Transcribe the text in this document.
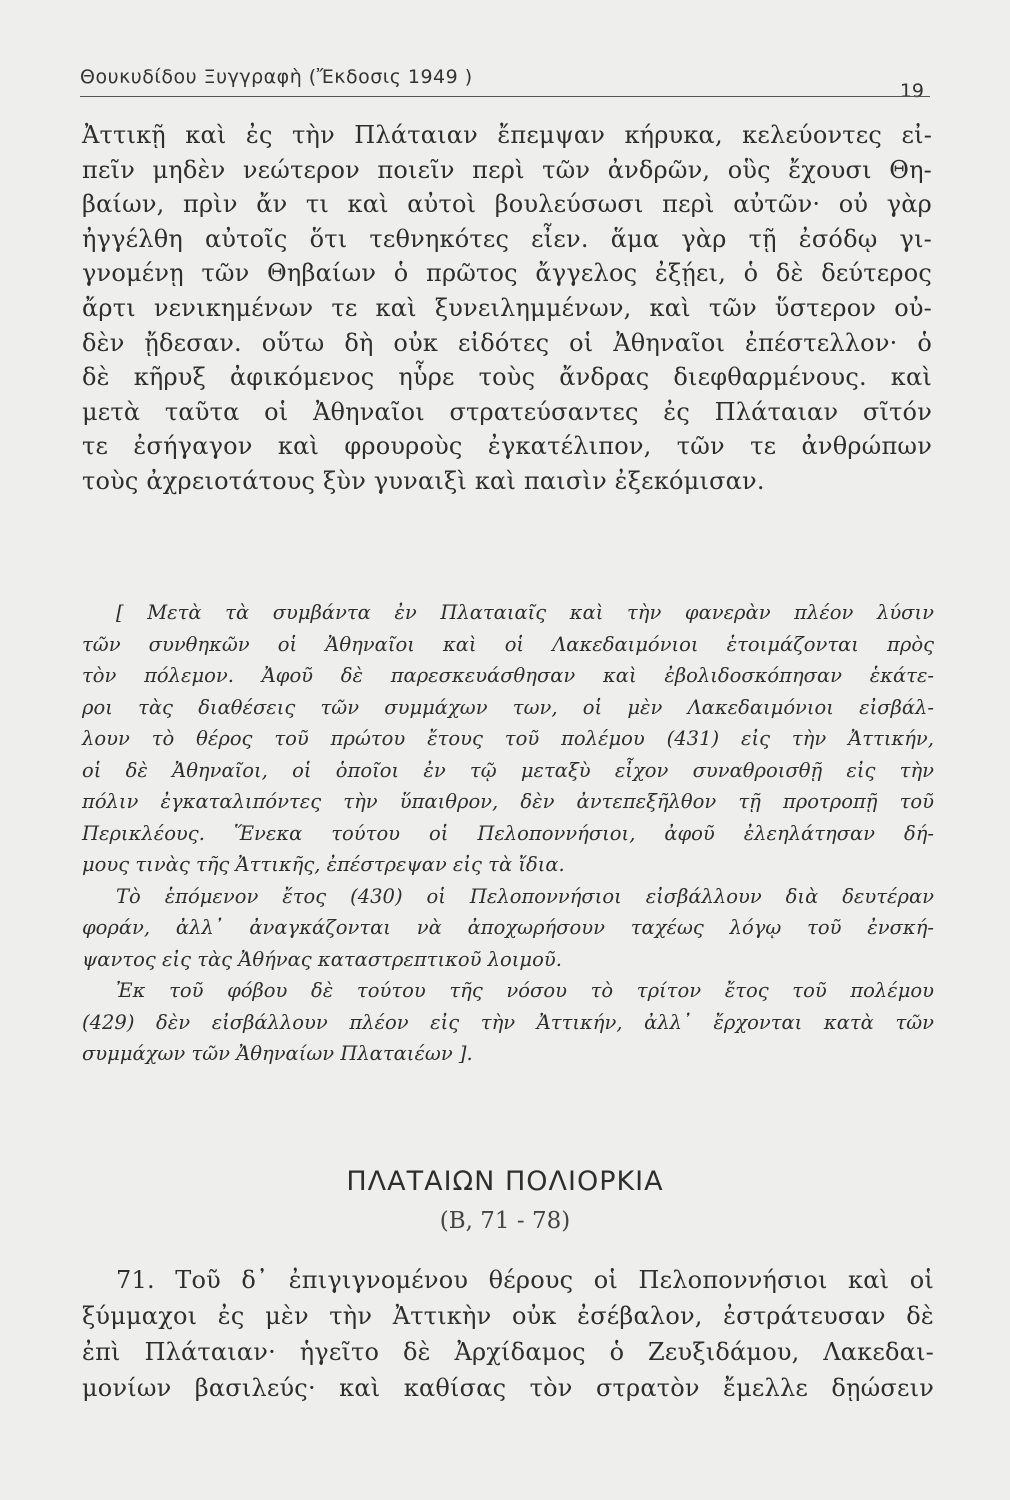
Θουκυδίδου Ξυγγραφὴ (Ἔκδοσις 1949 )
19
Ἀττικῇ καὶ ἐς τὴν Πλάταιαν ἔπεμψαν κήρυκα, κελεύοντες εἰ-
πεῖν μηδὲν νεώτερον ποιεῖν περὶ τῶν ἀνδρῶν, οὓς ἔχουσι Θη-
βαίων, πρὶν ἄν τι καὶ αὐτοὶ βουλεύσωσι περὶ αὐτῶν· οὐ γὰρ
ἠγγέλθη αὐτοῖς ὅτι τεθνηκότες εἶεν. ἅμα γὰρ τῇ ἐσόδῳ γι-
γνομένῃ τῶν Θηβαίων ὁ πρῶτος ἄγγελος ἐξῄει, ὁ δὲ δεύτερος
ἄρτι νενικημένων τε καὶ ξυνειλημμένων, καὶ τῶν ὕστερον οὐ-
δὲν ᾔδεσαν. οὕτω δὴ οὐκ εἰδότες οἱ Ἀθηναῖοι ἐπέστελλον· ὁ
δὲ κῆρυξ ἀφικόμενος ηὗρε τοὺς ἄνδρας διεφθαρμένους. καὶ
μετὰ ταῦτα οἱ Ἀθηναῖοι στρατεύσαντες ἐς Πλάταιαν σῖτόν
τε ἐσήγαγον καὶ φρουροὺς ἐγκατέλιπον, τῶν τε ἀνθρώπων
τοὺς ἀχρειοτάτους ξὺν γυναιξὶ καὶ παισὶν ἐξεκόμισαν.
[ Μετὰ τὰ συμβάντα ἐν Πλαταιαῖς καὶ τὴν φανερὰν πλέον λύσιν
τῶν συνθηκῶν οἱ Ἀθηναῖοι καὶ οἱ Λακεδαιμόνιοι ἑτοιμάζονται πρὸς
τὸν πόλεμον. Ἀφοῦ δὲ παρεσκευάσθησαν καὶ ἐβολιδοσκόπησαν ἑκάτε-
ροι τὰς διαθέσεις τῶν συμμάχων των, οἱ μὲν Λακεδαιμόνιοι εἰσβάλ-
λουν τὸ θέρος τοῦ πρώτου ἔτους τοῦ πολέμου (431) εἰς τὴν Ἀττικήν,
οἱ δὲ Ἀθηναῖοι, οἱ ὁποῖοι ἐν τῷ μεταξὺ εἶχον συναθροισθῇ εἰς τὴν
πόλιν ἐγκαταλιπόντες τὴν ὕπαιθρον, δὲν ἀντεπεξῆλθον τῇ προτροπῇ τοῦ
Περικλέους. Ἕνεκα τούτου οἱ Πελοποννήσιοι, ἀφοῦ ἐλεηλάτησαν δή-
μους τινὰς τῆς Ἀττικῆς, ἐπέστρεψαν εἰς τὰ ἴδια.
Τὸ ἑπόμενον ἔτος (430) οἱ Πελοποννήσιοι εἰσβάλλουν διὰ δευτέραν
φοράν, ἀλλ᾽ ἀναγκάζονται νὰ ἀποχωρήσουν ταχέως λόγῳ τοῦ ἐνσκή-
ψαντος εἰς τὰς Ἀθήνας καταστρεπτικοῦ λοιμοῦ.
Ἐκ τοῦ φόβου δὲ τούτου τῆς νόσου τὸ τρίτον ἔτος τοῦ πολέμου
(429) δὲν εἰσβάλλουν πλέον εἰς τὴν Ἀττικήν, ἀλλ᾽ ἔρχονται κατὰ τῶν
συμμάχων τῶν Ἀθηναίων Πλαταιέων ].
ΠΛΑΤΑΙΩΝ ΠΟΛΙΟΡΚΙΑ
(Β, 71 - 78)
71. Τοῦ δ᾽ ἐπιγιγνομένου θέρους οἱ Πελοποννήσιοι καὶ οἱ
ξύμμαχοι ἐς μὲν τὴν Ἀττικὴν οὐκ ἐσέβαλον, ἐστράτευσαν δὲ
ἐπὶ Πλάταιαν· ἡγεῖτο δὲ Ἀρχίδαμος ὁ Ζευξιδάμου, Λακεδαι-
μονίων βασιλεύς· καὶ καθίσας τὸν στρατὸν ἔμελλε δῃώσειν
